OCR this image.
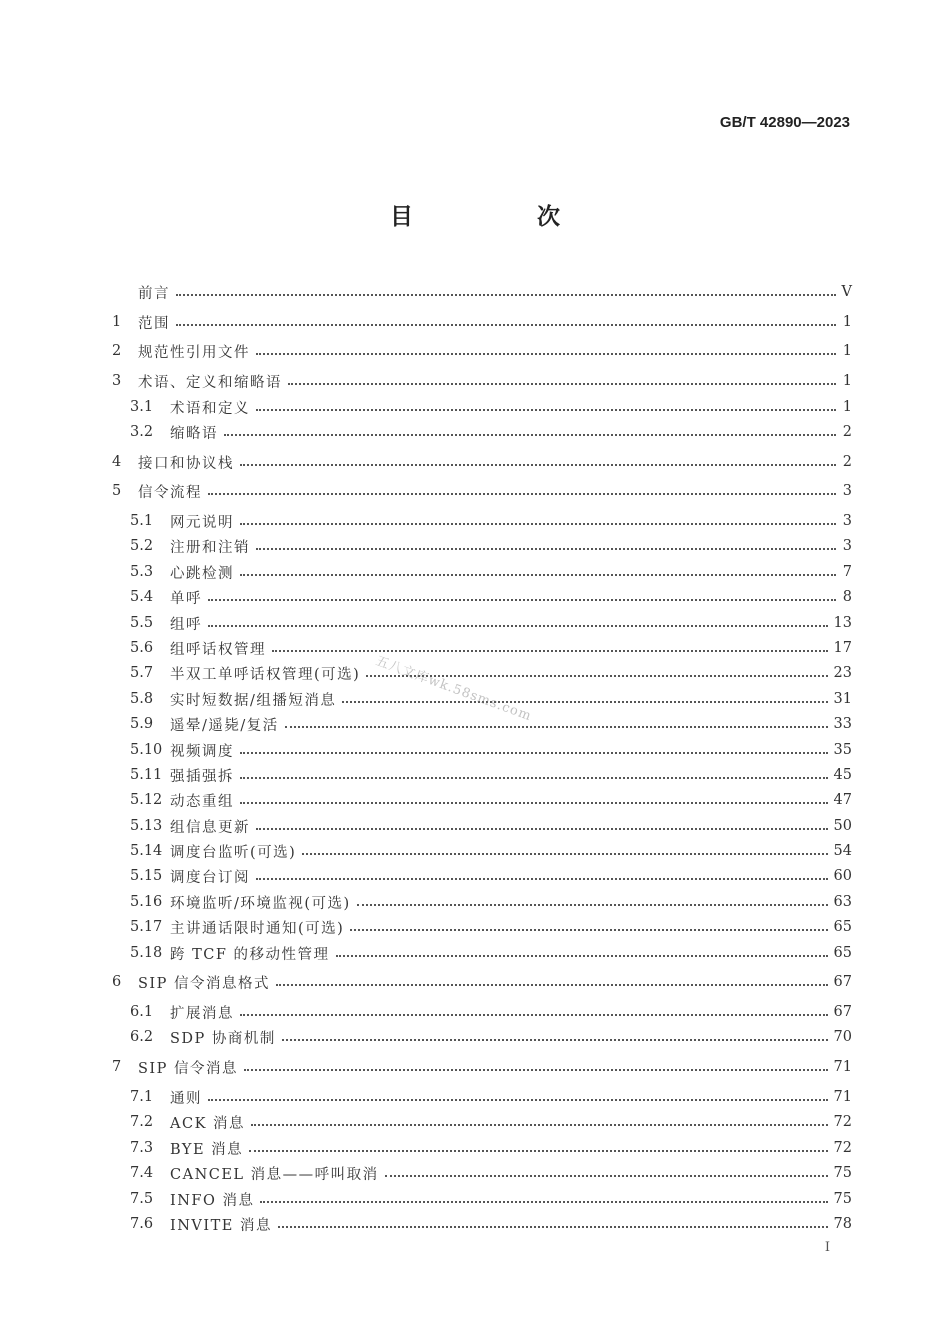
GB/T 42890—2023
目 次
前言	V
1	范围	1
2	规范性引用文件	1
3	术语、定义和缩略语	1
3.1	术语和定义	1
3.2	缩略语	2
4	接口和协议栈	2
5	信令流程	3
5.1	网元说明	3
5.2	注册和注销	3
5.3	心跳检测	7
5.4	单呼	8
5.5	组呼	13
5.6	组呼话权管理	17
5.7	半双工单呼话权管理(可选)	23
5.8	实时短数据/组播短消息	31
5.9	遥晕/遥毙/复活	33
5.10 视频调度	35
5.11 强插强拆	45
5.12 动态重组	47
5.13 组信息更新	50
5.14 调度台监听(可选)	54
5.15 调度台订阅	60
5.16 环境监听/环境监视(可选)	63
5.17 主讲通话限时通知(可选)	65
5.18 跨 TCF 的移动性管理	65
6	SIP 信令消息格式	67
6.1	扩展消息	67
6.2	SDP 协商机制	70
7	SIP 信令消息	71
7.1	通则	71
7.2	ACK 消息	72
7.3	BYE 消息	72
7.4	CANCEL 消息——呼叫取消	75
7.5	INFO 消息	75
7.6	INVITE 消息	78
五八文库wk.58sms.com
I
